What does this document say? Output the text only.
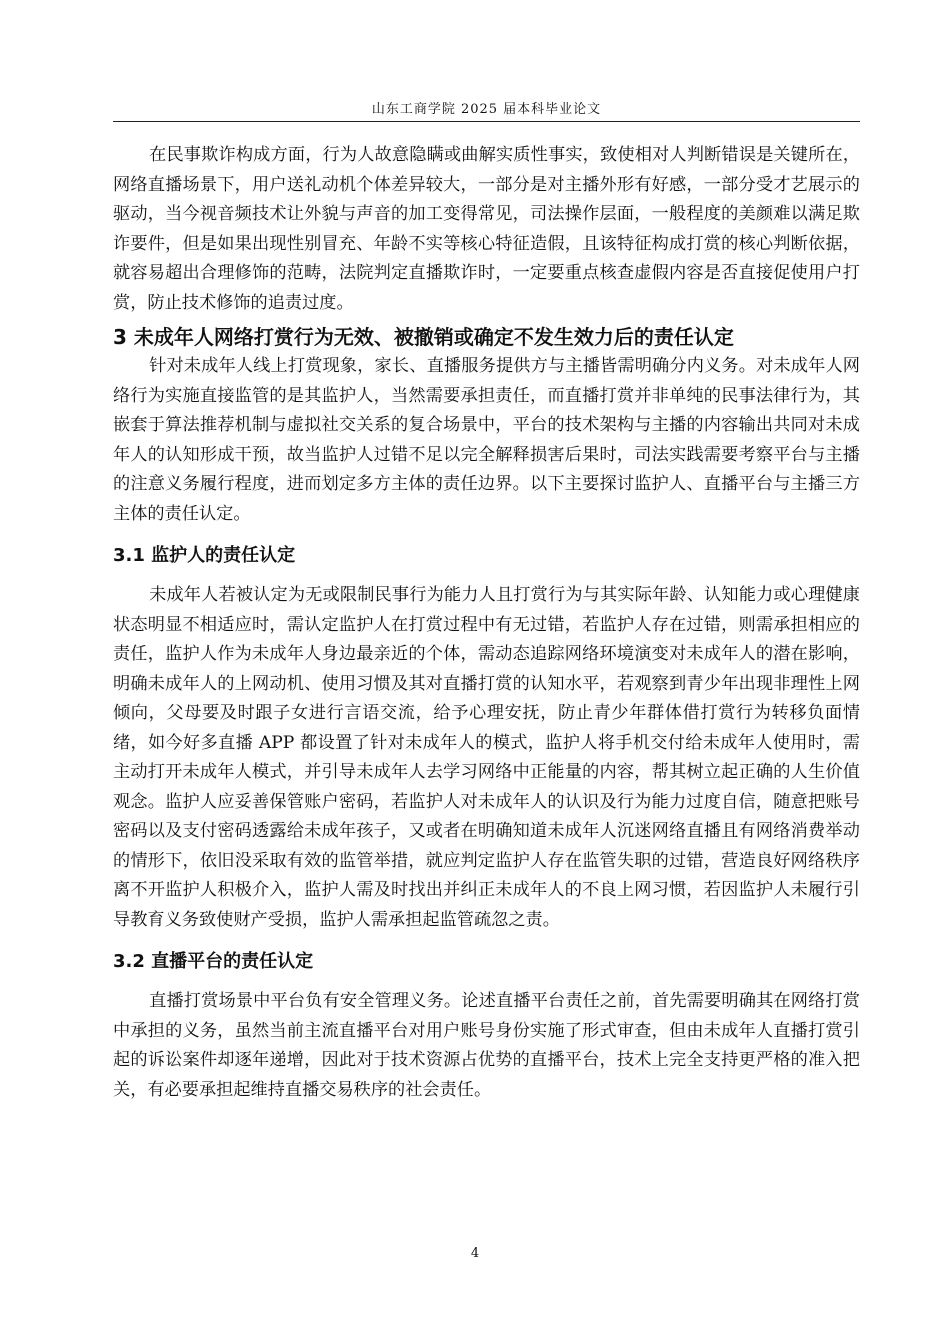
山东工商学院 2025 届本科毕业论文

在民事欺诈构成方面，行为人故意隐瞒或曲解实质性事实，致使相对人判断错误是关键所在，网络直播场景下，用户送礼动机个体差异较大，一部分是对主播外形有好感，一部分受才艺展示的驱动，当今视音频技术让外貌与声音的加工变得常见，司法操作层面，一般程度的美颜难以满足欺诈要件，但是如果出现性别冒充、年龄不实等核心特征造假，且该特征构成打赏的核心判断依据，就容易超出合理修饰的范畴，法院判定直播欺诈时，一定要重点核查虚假内容是否直接促使用户打赏，防止技术修饰的追责过度。

3 未成年人网络打赏行为无效、被撤销或确定不发生效力后的责任认定

针对未成年人线上打赏现象，家长、直播服务提供方与主播皆需明确分内义务。对未成年人网络行为实施直接监管的是其监护人，当然需要承担责任，而直播打赏并非单纯的民事法律行为，其嵌套于算法推荐机制与虚拟社交关系的复合场景中，平台的技术架构与主播的内容输出共同对未成年人的认知形成干预，故当监护人过错不足以完全解释损害后果时，司法实践需要考察平台与主播的注意义务履行程度，进而划定多方主体的责任边界。以下主要探讨监护人、直播平台与主播三方主体的责任认定。

3.1 监护人的责任认定

未成年人若被认定为无或限制民事行为能力人且打赏行为与其实际年龄、认知能力或心理健康状态明显不相适应时，需认定监护人在打赏过程中有无过错，若监护人存在过错，则需承担相应的责任，监护人作为未成年人身边最亲近的个体，需动态追踪网络环境演变对未成年人的潜在影响，明确未成年人的上网动机、使用习惯及其对直播打赏的认知水平，若观察到青少年出现非理性上网倾向，父母要及时跟子女进行言语交流，给予心理安抚，防止青少年群体借打赏行为转移负面情绪，如今好多直播 APP 都设置了针对未成年人的模式，监护人将手机交付给未成年人使用时，需主动打开未成年人模式，并引导未成年人去学习网络中正能量的内容，帮其树立起正确的人生价值观念。监护人应妥善保管账户密码，若监护人对未成年人的认识及行为能力过度自信，随意把账号密码以及支付密码透露给未成年孩子，又或者在明确知道未成年人沉迷网络直播且有网络消费举动的情形下，依旧没采取有效的监管举措，就应判定监护人存在监管失职的过错，营造良好网络秩序离不开监护人积极介入，监护人需及时找出并纠正未成年人的不良上网习惯，若因监护人未履行引导教育义务致使财产受损，监护人需承担起监管疏忽之责。

3.2 直播平台的责任认定

直播打赏场景中平台负有安全管理义务。论述直播平台责任之前，首先需要明确其在网络打赏中承担的义务，虽然当前主流直播平台对用户账号身份实施了形式审查，但由未成年人直播打赏引起的诉讼案件却逐年递增，因此对于技术资源占优势的直播平台，技术上完全支持更严格的准入把关，有必要承担起维持直播交易秩序的社会责任。

4
